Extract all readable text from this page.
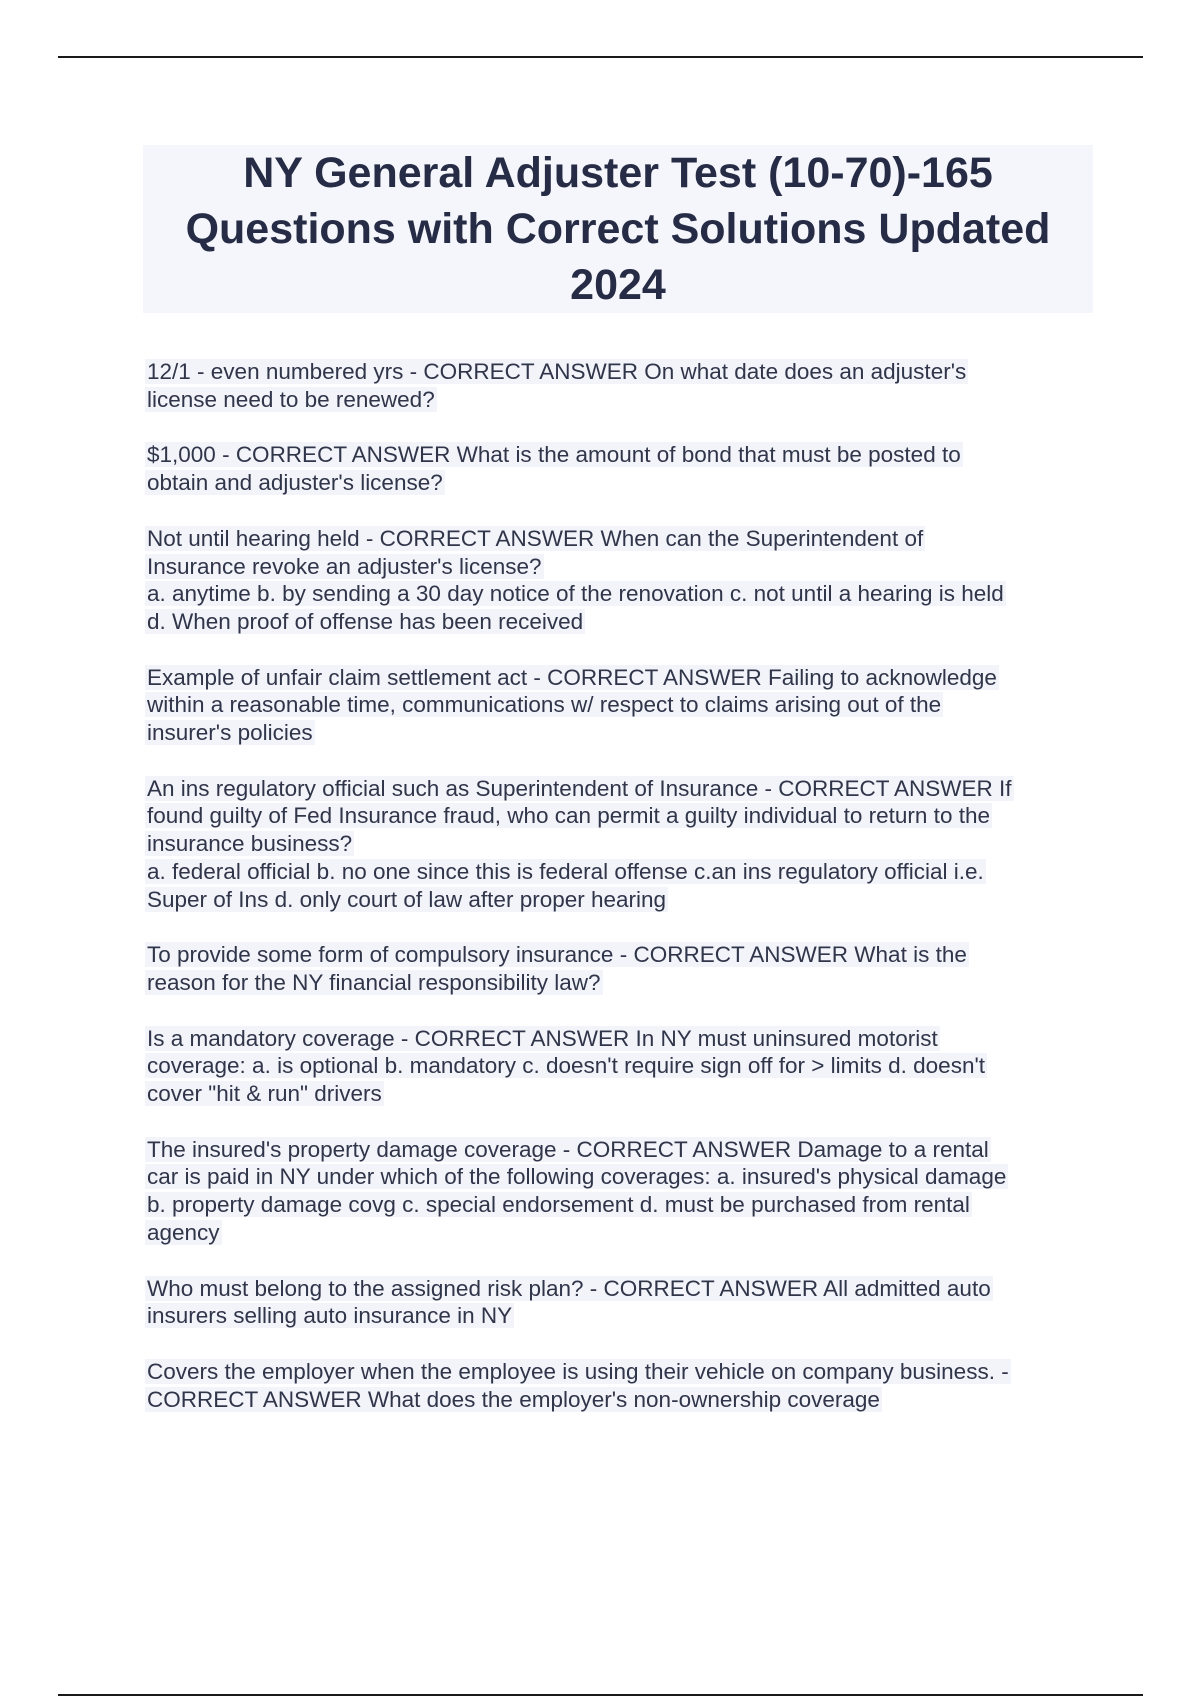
NY General Adjuster Test (10-70)-165 Questions with Correct Solutions Updated 2024

12/1 - even numbered yrs - CORRECT ANSWER On what date does an adjuster's
license need to be renewed?

$1,000 - CORRECT ANSWER What is the amount of bond that must be posted to
obtain and adjuster's license?

Not until hearing held - CORRECT ANSWER When can the Superintendent of
Insurance revoke an adjuster's license?
a. anytime b. by sending a 30 day notice of the renovation c. not until a hearing is held
d. When proof of offense has been received

Example of unfair claim settlement act - CORRECT ANSWER Failing to acknowledge
within a reasonable time, communications w/ respect to claims arising out of the
insurer's policies

An ins regulatory official such as Superintendent of Insurance - CORRECT ANSWER If
found guilty of Fed Insurance fraud, who can permit a guilty individual to return to the
insurance business?
a. federal official b. no one since this is federal offense c.an ins regulatory official i.e.
Super of Ins d. only court of law after proper hearing

To provide some form of compulsory insurance - CORRECT ANSWER What is the
reason for the NY financial responsibility law?

Is a mandatory coverage - CORRECT ANSWER In NY must uninsured motorist
coverage: a. is optional b. mandatory c. doesn't require sign off for > limits d. doesn't
cover "hit & run" drivers

The insured's property damage coverage - CORRECT ANSWER Damage to a rental
car is paid in NY under which of the following coverages: a. insured's physical damage
b. property damage covg c. special endorsement d. must be purchased from rental
agency

Who must belong to the assigned risk plan? - CORRECT ANSWER All admitted auto
insurers selling auto insurance in NY

Covers the employer when the employee is using their vehicle on company business. -
CORRECT ANSWER What does the employer's non-ownership coverage
